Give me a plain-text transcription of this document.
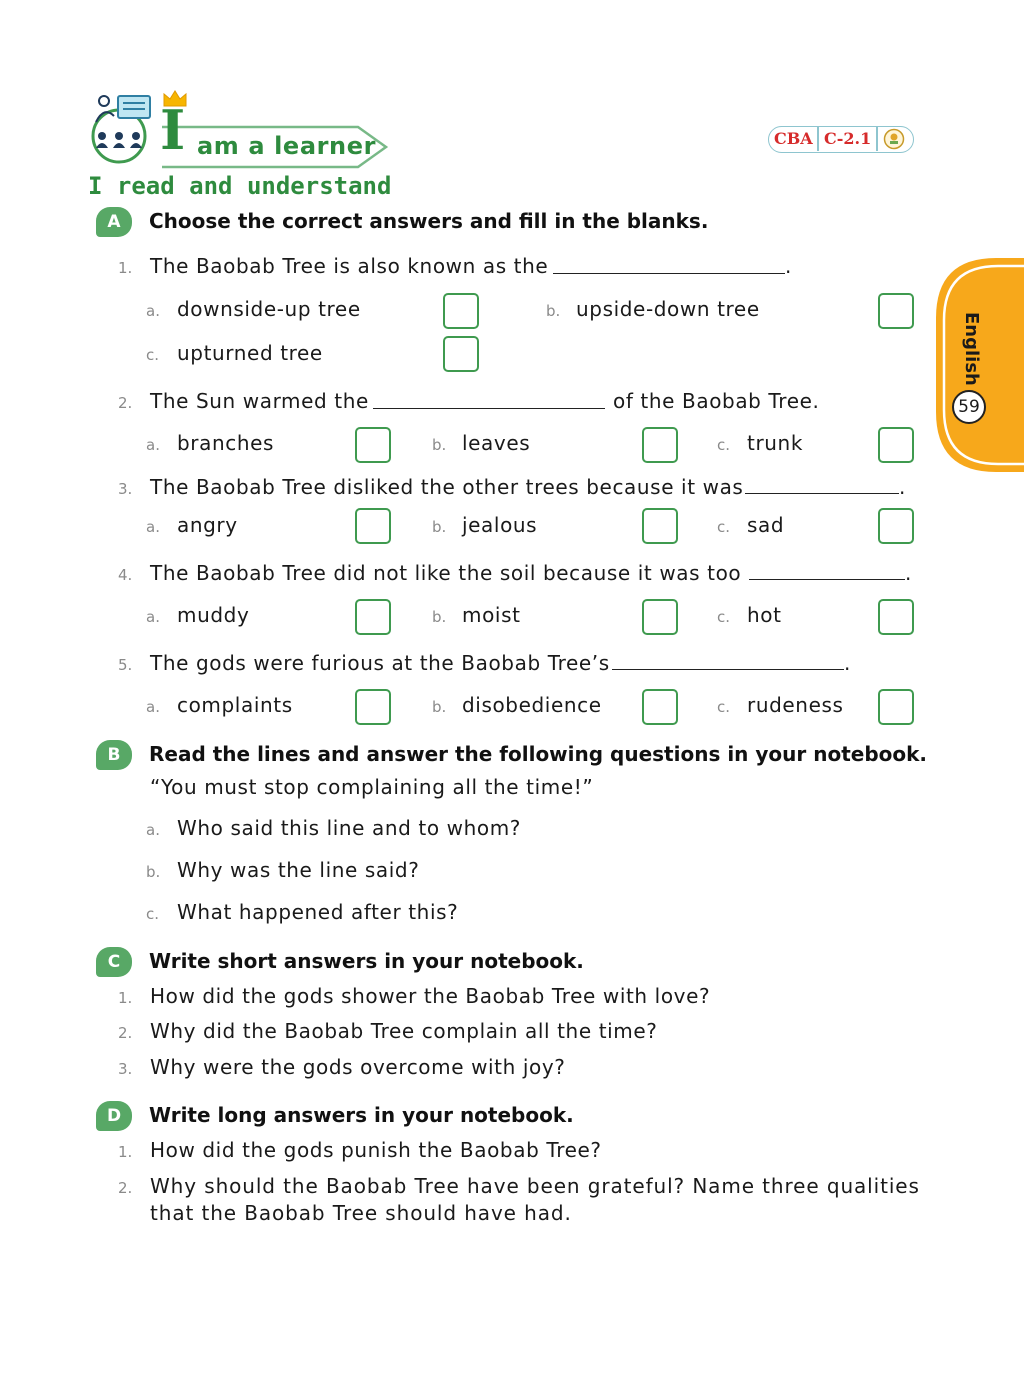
I am a learner
I read and understand
CBA C-2.1
English
59
A	Choose the correct answers and fill in the blanks.
1. The Baobab Tree is also known as the	.
a. downside-up tree	b. upside-down tree
c. upturned tree
2. The Sun warmed the	of the Baobab Tree.
a. branches	b. leaves	c. trunk
3. The Baobab Tree disliked the other trees because it was	.
a. angry	b. jealous	c. sad
4. The Baobab Tree did not like the soil because it was too	.
a. muddy	b. moist	c. hot
5. The gods were furious at the Baobab Tree’s	.
a. complaints	b. disobedience	c. rudeness
B	Read the lines and answer the following questions in your notebook.
“You must stop complaining all the time!”
a. Who said this line and to whom?
b. Why was the line said?
c. What happened after this?
C	Write short answers in your notebook.
1. How did the gods shower the Baobab Tree with love?
2. Why did the Baobab Tree complain all the time?
3. Why were the gods overcome with joy?
D	Write long answers in your notebook.
1. How did the gods punish the Baobab Tree?
2. Why should the Baobab Tree have been grateful? Name three qualities
that the Baobab Tree should have had.
